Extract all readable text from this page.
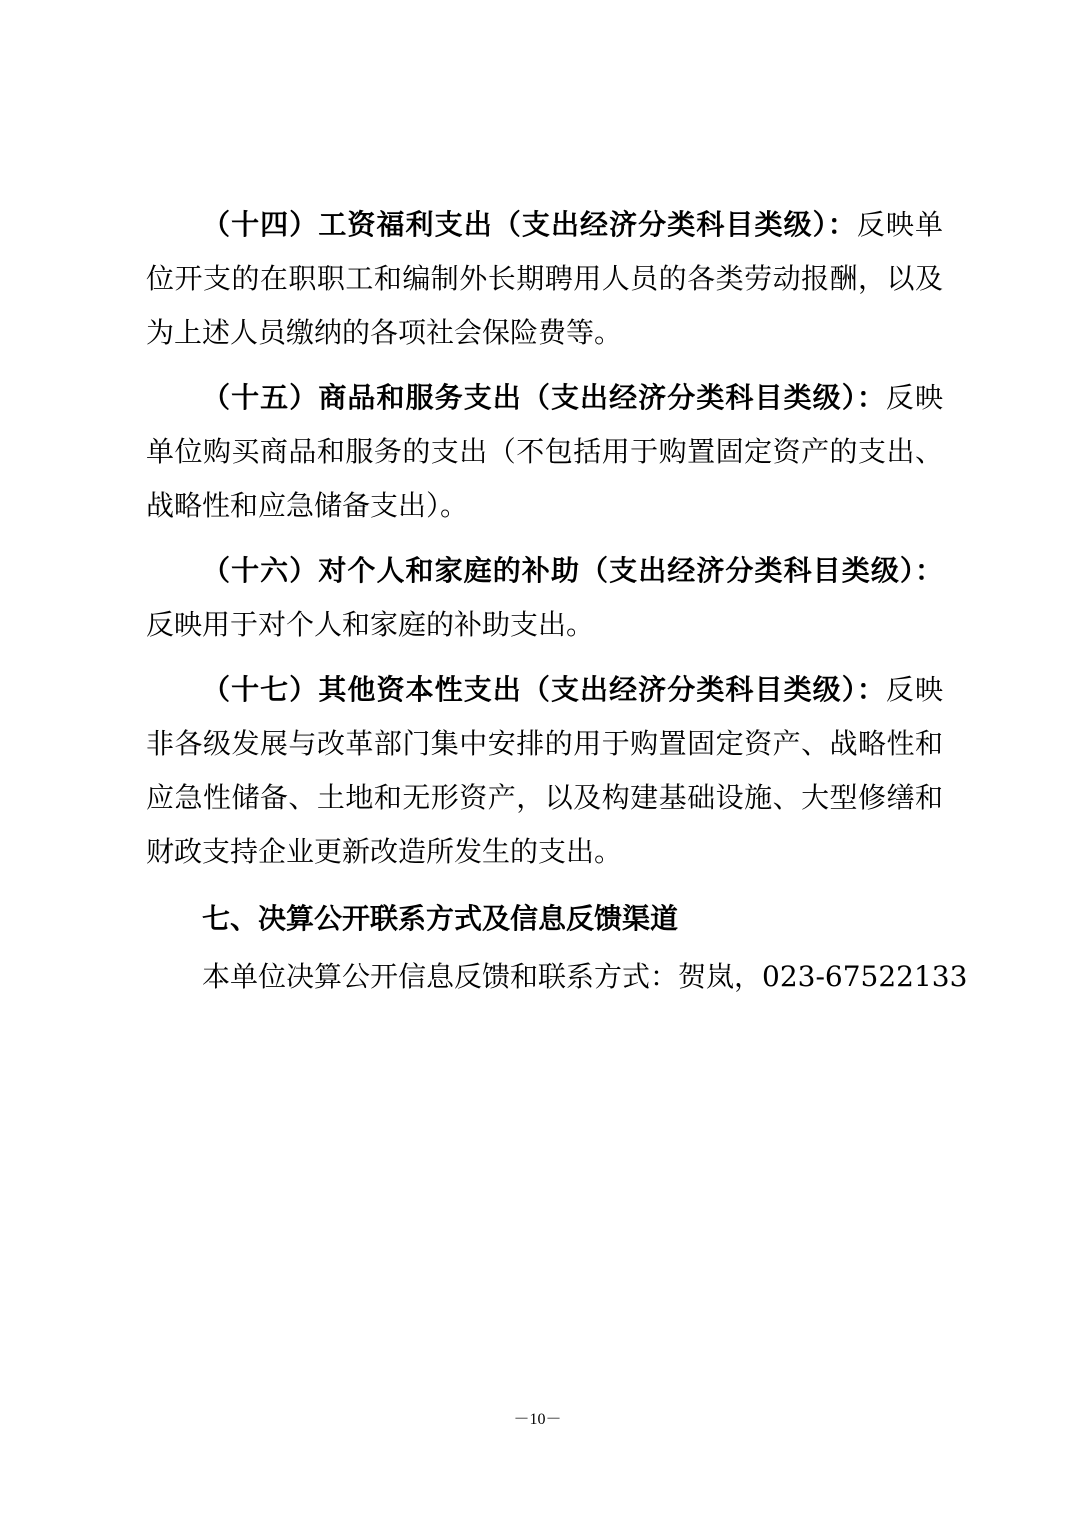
（十四）工资福利支出（支出经济分类科目类级）：反映单位开支的在职职工和编制外长期聘用人员的各类劳动报酬，以及为上述人员缴纳的各项社会保险费等。

（十五）商品和服务支出（支出经济分类科目类级）：反映单位购买商品和服务的支出（不包括用于购置固定资产的支出、战略性和应急储备支出）。

（十六）对个人和家庭的补助（支出经济分类科目类级）：反映用于对个人和家庭的补助支出。

（十七）其他资本性支出（支出经济分类科目类级）：反映非各级发展与改革部门集中安排的用于购置固定资产、战略性和应急性储备、土地和无形资产，以及构建基础设施、大型修缮和财政支持企业更新改造所发生的支出。

七、决算公开联系方式及信息反馈渠道

本单位决算公开信息反馈和联系方式：贺岚，023-67522133

－10－
